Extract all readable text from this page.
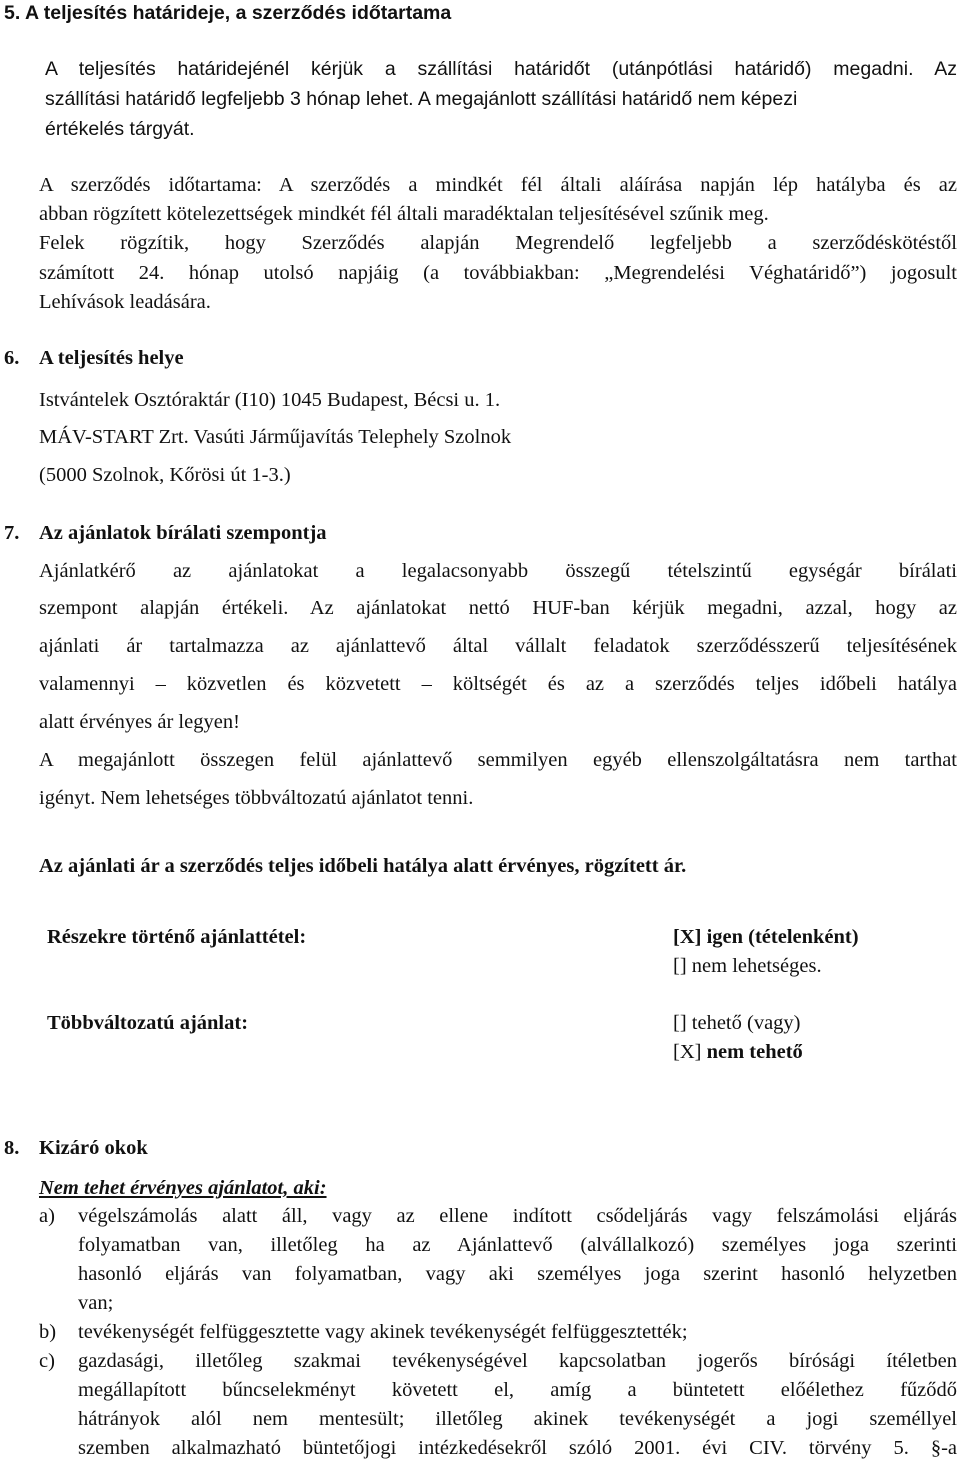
5. A teljesítés határideje, a szerződés időtartama
A teljesítés határidejénél kérjük a szállítási határidőt (utánpótlási határidő) megadni. Az
szállítási határidő legfeljebb 3 hónap lehet. A megajánlott szállítási határidő nem képezi
értékelés tárgyát.
A szerződés időtartama: A szerződés a mindkét fél általi aláírása napján lép hatályba és az
abban rögzített kötelezettségek mindkét fél általi maradéktalan teljesítésével szűnik meg.
Felek rögzítik, hogy Szerződés alapján Megrendelő legfeljebb a szerződéskötéstől
számított 24. hónap utolsó napjáig (a továbbiakban: „Megrendelési Véghatáridő”) jogosult
Lehívások leadására.
6. A teljesítés helye
Istvántelek Osztóraktár (I10) 1045 Budapest, Bécsi u. 1.
MÁV-START Zrt. Vasúti Járműjavítás Telephely Szolnok
(5000 Szolnok, Kőrösi út 1-3.)
7. Az ajánlatok bírálati szempontja
Ajánlatkérő az ajánlatokat a legalacsonyabb összegű tételszintű egységár bírálati
szempont alapján értékeli. Az ajánlatokat nettó HUF-ban kérjük megadni, azzal, hogy az
ajánlati ár tartalmazza az ajánlattevő által vállalt feladatok szerződésszerű teljesítésének
valamennyi – közvetlen és közvetett – költségét és az a szerződés teljes időbeli hatálya
alatt érvényes ár legyen!
A megajánlott összegen felül ajánlattevő semmilyen egyéb ellenszolgáltatásra nem tarthat
igényt. Nem lehetséges többváltozatú ajánlatot tenni.
Az ajánlati ár a szerződés teljes időbeli hatálya alatt érvényes, rögzített ár.
Részekre történő ajánlattétel:	[X] igen (tételenként)
[] nem lehetséges.
Többváltozatú ajánlat:	[] tehető (vagy)
[X] nem tehető
8. Kizáró okok
Nem tehet érvényes ajánlatot, aki:
a) végelszámolás alatt áll, vagy az ellene indított csődeljárás vagy felszámolási eljárás
folyamatban van, illetőleg ha az Ajánlattevő (alvállalkozó) személyes joga szerinti
hasonló eljárás van folyamatban, vagy aki személyes joga szerint hasonló helyzetben
van;
b) tevékenységét felfüggesztette vagy akinek tevékenységét felfüggesztették;
c) gazdasági, illetőleg szakmai tevékenységével kapcsolatban jogerős bírósági ítéletben
megállapított bűncselekményt követett el, amíg a büntetett előélethez fűződő
hátrányok alól nem mentesült; illetőleg akinek tevékenységét a jogi személlyel
szemben alkalmazható büntetőjogi intézkedésekről szóló 2001. évi CIV. törvény 5. §-a
